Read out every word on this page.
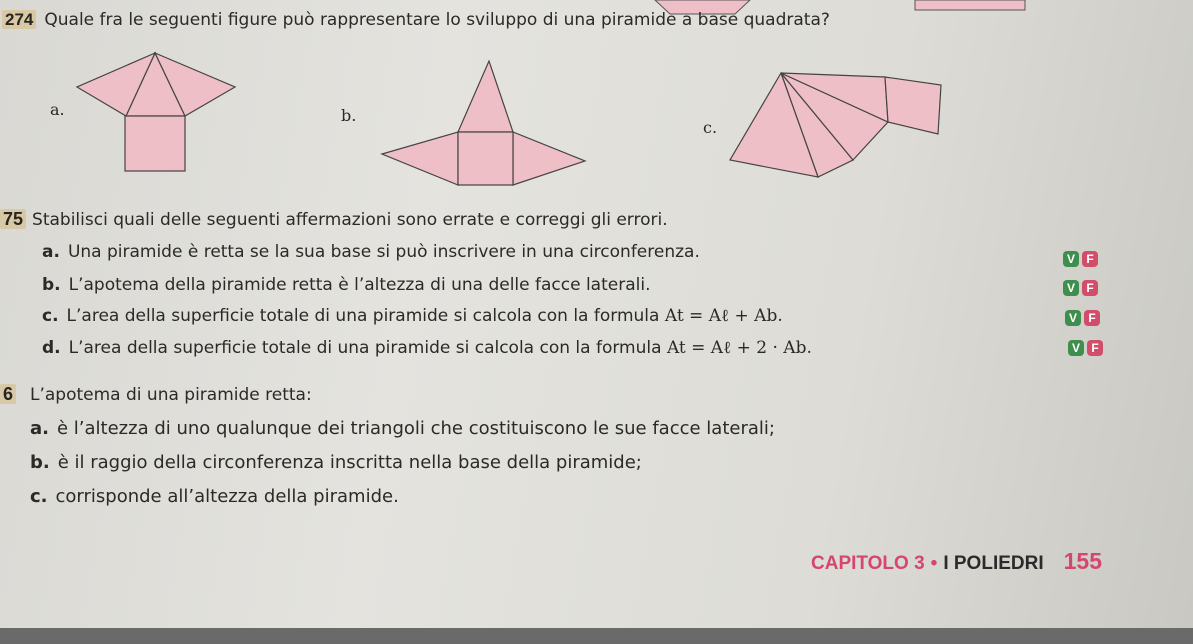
274 Quale fra le seguenti figure può rappresentare lo sviluppo di una piramide a base quadrata?
a.	b.
c.
75 Stabilisci quali delle seguenti affermazioni sono errate e correggi gli errori.
a. Una piramide è retta se la sua base si può inscrivere in una circonferenza.
b. L’apotema della piramide retta è l’altezza di una delle facce laterali.
c. L’area della superficie totale di una piramide si calcola con la formula At = Aℓ + Ab.
d. L’area della superficie totale di una piramide si calcola con la formula At = Aℓ + 2 · Ab.
V F
V F
V F
V F
6 L’apotema di una piramide retta:
a. è l’altezza di uno qualunque dei triangoli che costituiscono le sue facce laterali;
b. è il raggio della circonferenza inscritta nella base della piramide;
c. corrisponde all’altezza della piramide.
CAPITOLO 3 • I POLIEDRI 155
